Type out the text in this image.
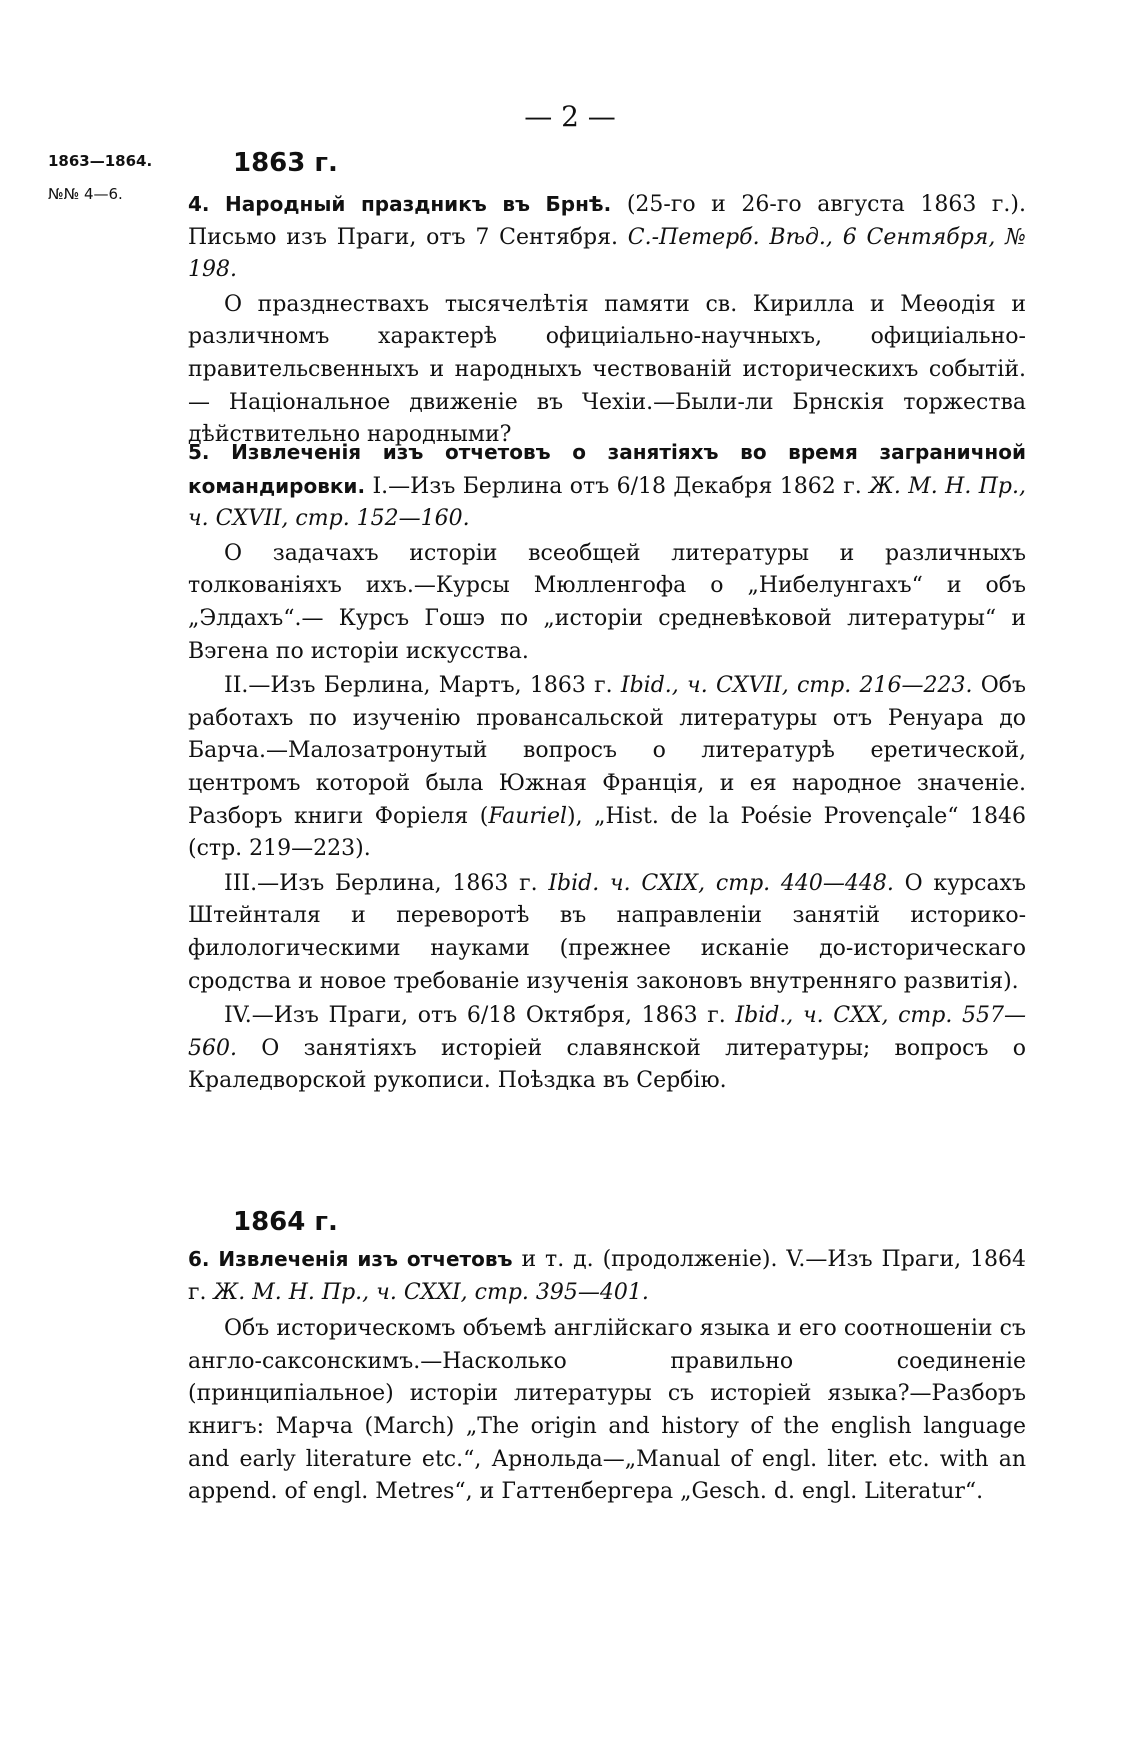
— 2 —
1863—1864.
№№ 4—6.
1863 г.

4. Народный праздникъ въ Брнѣ. (25-го и 26-го августа 1863 г.). Письмо изъ Праги, отъ 7 Сентября. С.-Петерб. Вѣд., 6 Сентября, № 198.

О празднествахъ тысячелѣтія памяти св. Кирилла и Меѳодія и различномъ характерѣ официіально-научныхъ, официіально-правительсвенныхъ и народныхъ чествованій историческихъ событій. — Національное движеніе въ Чехіи.—Были-ли Брнскія торжества дѣйствительно народными?

5. Извлеченія изъ отчетовъ о занятіяхъ во время заграничной командировки. I.—Изъ Берлина отъ 6/18 Декабря 1862 г. Ж. М. Н. Пр., ч. CXVII, стр. 152—160.

О задачахъ исторіи всеобщей литературы и различныхъ толкованіяхъ ихъ.—Курсы Мюлленгофа о „Нибелунгахъ“ и объ „Элдахъ“.— Курсъ Гошэ по „исторіи средневѣковой литературы“ и Вэгена по исторіи искусства.

II.—Изъ Берлина, Мартъ, 1863 г. Ibid., ч. CXVII, стр. 216—223. Объ работахъ по изученію провансальской литературы отъ Ренуара до Барча.—Малозатронутый вопросъ о литературѣ еретической, центромъ которой была Южная Франція, и ея народное значеніе. Разборъ книги Форіеля (Fauriel), „Hist. de la Poésie Provençale“ 1846 (стр. 219—223).

III.—Изъ Берлина, 1863 г. Ibid. ч. CXIX, стр. 440—448. О курсахъ Штейнталя и переворотѣ въ направленіи занятій историко-филологическими науками (прежнее исканіе до-историческаго сродства и новое требованіе изученія законовъ внутренняго развитія).

IV.—Изъ Праги, отъ 6/18 Октября, 1863 г. Ibid., ч. CXX, стр. 557—560. О занятіяхъ исторіей славянской литературы; вопросъ о Краледворской рукописи. Поѣздка въ Сербію.

1864 г.

6. Извлеченія изъ отчетовъ и т. д. (продолженіе). V.—Изъ Праги, 1864 г. Ж. М. Н. Пр., ч. CXXI, стр. 395—401.

Объ историческомъ объемѣ англійскаго языка и его соотношеніи съ англо-саксонскимъ.—Насколько правильно соединеніе (принципіальное) исторіи литературы съ исторіей языка?—Разборъ книгъ: Марча (March) „The origin and history of the english language and early literature etc.“, Арнольда—„Manual of engl. liter. etc. with an append. of engl. Metres“, и Гаттенбергера „Gesch. d. engl. Literatur“.
